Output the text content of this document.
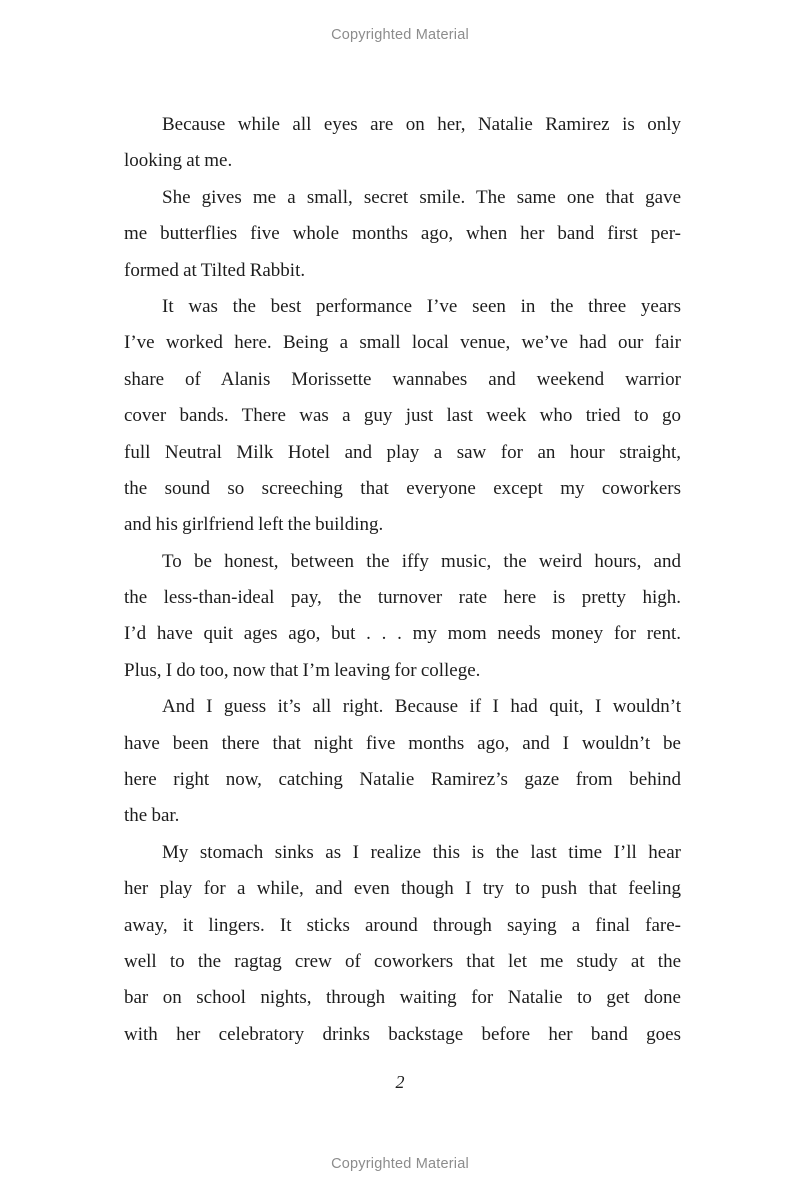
Copyrighted Material
Because while all eyes are on her, Natalie Ramirez is only
looking at me.
She gives me a small, secret smile. The same one that gave
me butterflies five whole months ago, when her band first per-
formed at Tilted Rabbit.
It was the best performance I’ve seen in the three years
I’ve worked here. Being a small local venue, we’ve had our fair
share of Alanis Morissette wannabes and weekend warrior
cover bands. There was a guy just last week who tried to go
full Neutral Milk Hotel and play a saw for an hour straight,
the sound so screeching that everyone except my coworkers
and his girlfriend left the building.
To be honest, between the iffy music, the weird hours, and
the less-than-ideal pay, the turnover rate here is pretty high.
I’d have quit ages ago, but . . . my mom needs money for rent.
Plus, I do too, now that I’m leaving for college.
And I guess it’s all right. Because if I had quit, I wouldn’t
have been there that night five months ago, and I wouldn’t be
here right now, catching Natalie Ramirez’s gaze from behind
the bar.
My stomach sinks as I realize this is the last time I’ll hear
her play for a while, and even though I try to push that feeling
away, it lingers. It sticks around through saying a final fare-
well to the ragtag crew of coworkers that let me study at the
bar on school nights, through waiting for Natalie to get done
with her celebratory drinks backstage before her band goes
2
Copyrighted Material
